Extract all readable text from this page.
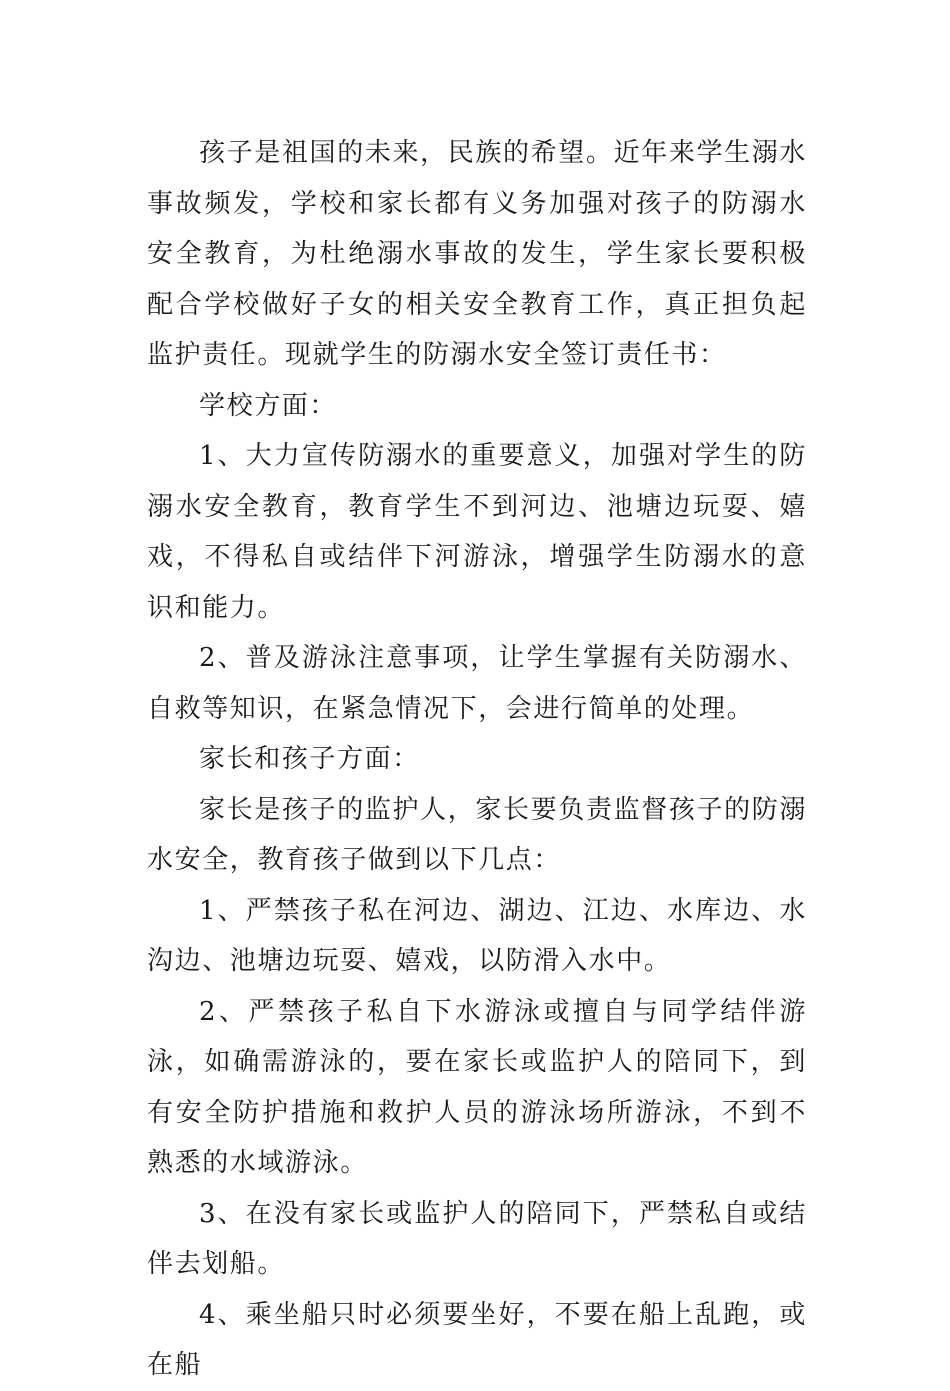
孩子是祖国的未来，民族的希望。近年来学生溺水事故频发，学校和家长都有义务加强对孩子的防溺水安全教育，为杜绝溺水事故的发生，学生家长要积极配合学校做好子女的相关安全教育工作，真正担负起监护责任。现就学生的防溺水安全签订责任书：

学校方面：

1、大力宣传防溺水的重要意义，加强对学生的防溺水安全教育，教育学生不到河边、池塘边玩耍、嬉戏，不得私自或结伴下河游泳，增强学生防溺水的意识和能力。

2、普及游泳注意事项，让学生掌握有关防溺水、自救等知识，在紧急情况下，会进行简单的处理。

家长和孩子方面：

家长是孩子的监护人，家长要负责监督孩子的防溺水安全，教育孩子做到以下几点：

1、严禁孩子私在河边、湖边、江边、水库边、水沟边、池塘边玩耍、嬉戏，以防滑入水中。

2、严禁孩子私自下水游泳或擅自与同学结伴游泳，如确需游泳的，要在家长或监护人的陪同下，到有安全防护措施和救护人员的游泳场所游泳，不到不熟悉的水域游泳。

3、在没有家长或监护人的陪同下，严禁私自或结伴去划船。

4、乘坐船只时必须要坐好，不要在船上乱跑，或在船
